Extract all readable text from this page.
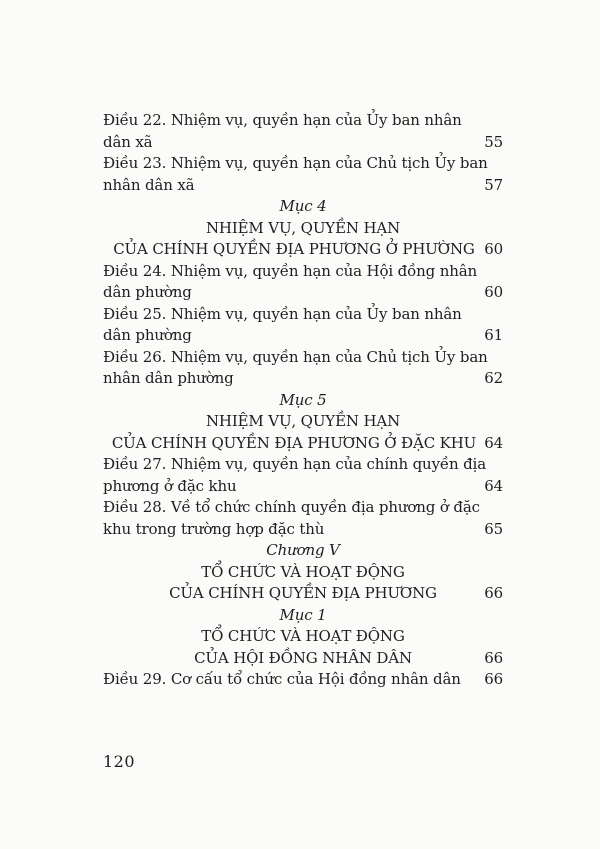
Điều 22. Nhiệm vụ, quyền hạn của Ủy ban nhân
dân xã	55
Điều 23. Nhiệm vụ, quyền hạn của Chủ tịch Ủy ban
nhân dân xã	57
Mục 4
NHIỆM VỤ, QUYỀN HẠN
CỦA CHÍNH QUYỀN ĐỊA PHƯƠNG Ở PHƯỜNG 60
Điều 24. Nhiệm vụ, quyền hạn của Hội đồng nhân
dân phường	60
Điều 25. Nhiệm vụ, quyền hạn của Ủy ban nhân
dân phường	61
Điều 26. Nhiệm vụ, quyền hạn của Chủ tịch Ủy ban
nhân dân phường	62
Mục 5
NHIỆM VỤ, QUYỀN HẠN
CỦA CHÍNH QUYỀN ĐỊA PHƯƠNG Ở ĐẶC KHU 64
Điều 27. Nhiệm vụ, quyền hạn của chính quyền địa
phương ở đặc khu	64
Điều 28. Về tổ chức chính quyền địa phương ở đặc
khu trong trường hợp đặc thù	65
Chương V
TỔ CHỨC VÀ HOẠT ĐỘNG
CỦA CHÍNH QUYỀN ĐỊA PHƯƠNG	66
Mục 1
TỔ CHỨC VÀ HOẠT ĐỘNG
CỦA HỘI ĐỒNG NHÂN DÂN	66
Điều 29. Cơ cấu tổ chức của Hội đồng nhân dân	66
120
